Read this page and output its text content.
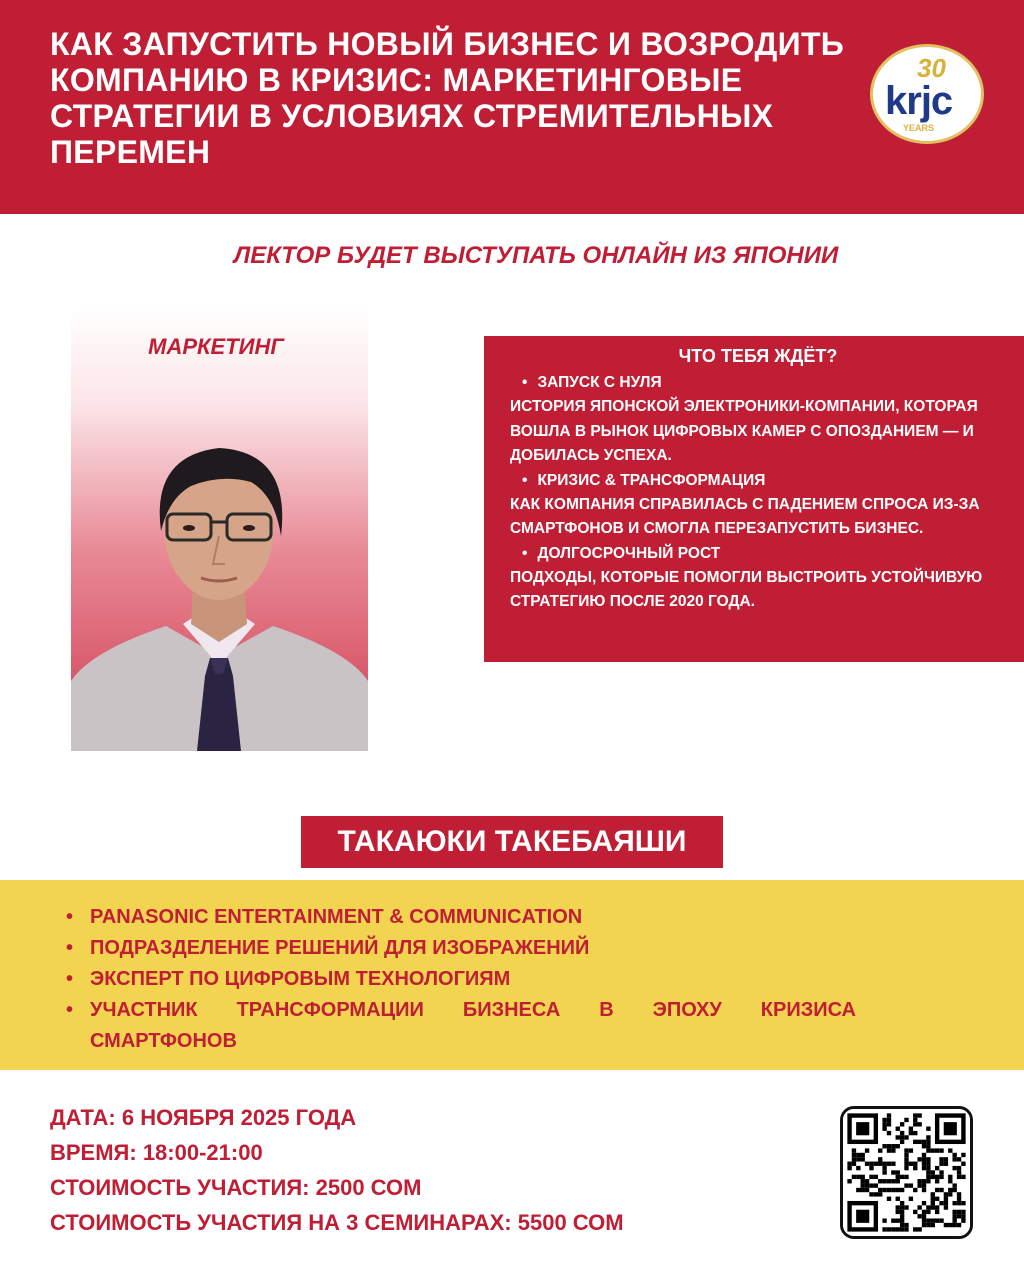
КАК ЗАПУСТИТЬ НОВЫЙ БИЗНЕС И ВОЗРОДИТЬ КОМПАНИЮ В КРИЗИС: МАРКЕТИНГОВЫЕ СТРАТЕГИИ В УСЛОВИЯХ СТРЕМИТЕЛЬНЫХ ПЕРЕМЕН
30
krjc
YEARS
ЛЕКТОР БУДЕТ ВЫСТУПАТЬ ОНЛАЙН ИЗ ЯПОНИИ
МАРКЕТИНГ	ЧТО ТЕБЯ ЖДЁТ?
• ЗАПУСК С НУЛЯ
ИСТОРИЯ ЯПОНСКОЙ ЭЛЕКТРОНИКИ-КОМПАНИИ, КОТОРАЯ ВОШЛА В РЫНОК ЦИФРОВЫХ КАМЕР С ОПОЗДАНИЕМ — И ДОБИЛАСЬ УСПЕХА.
• КРИЗИС & ТРАНСФОРМАЦИЯ
КАК КОМПАНИЯ СПРАВИЛАСЬ С ПАДЕНИЕМ СПРОСА ИЗ-ЗА СМАРТФОНОВ И СМОГЛА ПЕРЕЗАПУСТИТЬ БИЗНЕС.
• ДОЛГОСРОЧНЫЙ РОСТ
ПОДХОДЫ, КОТОРЫЕ ПОМОГЛИ ВЫСТРОИТЬ УСТОЙЧИВУЮ СТРАТЕГИЮ ПОСЛЕ 2020 ГОДА.
ТАКАЮКИ ТАКЕБАЯШИ
• PANASONIC ENTERTAINMENT & COMMUNICATION
• ПОДРАЗДЕЛЕНИЕ РЕШЕНИЙ ДЛЯ ИЗОБРАЖЕНИЙ
• ЭКСПЕРТ ПО ЦИФРОВЫМ ТЕХНОЛОГИЯМ
• УЧАСТНИК ТРАНСФОРМАЦИИ БИЗНЕСА В ЭПОХУ КРИЗИСА СМАРТФОНОВ
ДАТА: 6 НОЯБРЯ 2025 ГОДА
ВРЕМЯ: 18:00-21:00
СТОИМОСТЬ УЧАСТИЯ: 2500 СОМ
СТОИМОСТЬ УЧАСТИЯ НА 3 СЕМИНАРАХ: 5500 СОМ
